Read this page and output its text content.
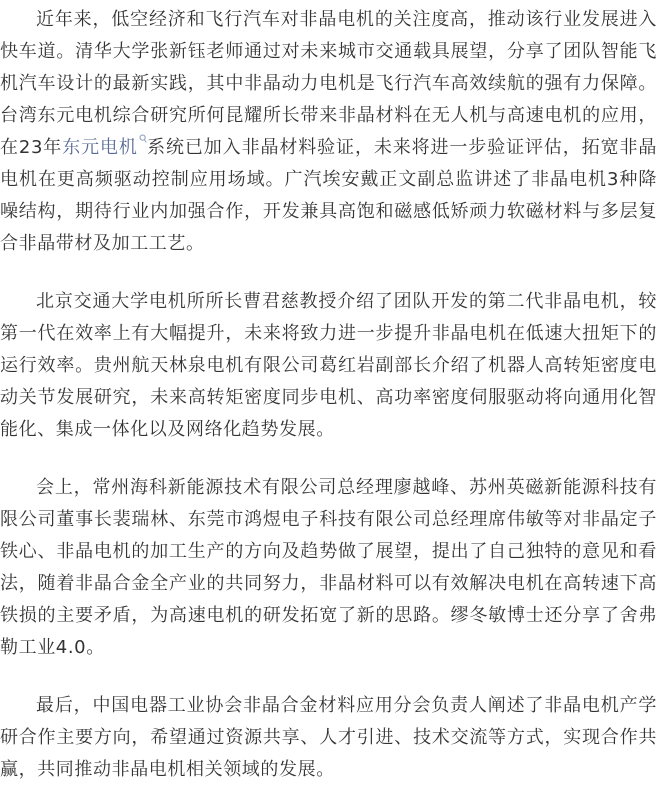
近年来，低空经济和飞行汽车对非晶电机的关注度高，推动该行业发展进入快车道。清华大学张新钰老师通过对未来城市交通载具展望，分享了团队智能飞机汽车设计的最新实践，其中非晶动力电机是飞行汽车高效续航的强有力保障。台湾东元电机综合研究所何昆耀所长带来非晶材料在无人机与高速电机的应用，在23年东元电机 系统已加入非晶材料验证，未来将进一步验证评估，拓宽非晶电机在更高频驱动控制应用场域。广汽埃安戴正文副总监讲述了非晶电机3种降噪结构，期待行业内加强合作，开发兼具高饱和磁感低矫顽力软磁材料与多层复合非晶带材及加工工艺。

北京交通大学电机所所长曹君慈教授介绍了团队开发的第二代非晶电机，较第一代在效率上有大幅提升，未来将致力进一步提升非晶电机在低速大扭矩下的运行效率。贵州航天林泉电机有限公司葛红岩副部长介绍了机器人高转矩密度电动关节发展研究，未来高转矩密度同步电机、高功率密度伺服驱动将向通用化智能化、集成一体化以及网络化趋势发展。

会上，常州海科新能源技术有限公司总经理廖越峰、苏州英磁新能源科技有限公司董事长裴瑞林、东莞市鸿煜电子科技有限公司总经理席伟敏等对非晶定子铁心、非晶电机的加工生产的方向及趋势做了展望，提出了自己独特的意见和看法，随着非晶合金全产业的共同努力，非晶材料可以有效解决电机在高转速下高铁损的主要矛盾，为高速电机的研发拓宽了新的思路。缪冬敏博士还分享了舍弗勒工业4.0。

最后，中国电器工业协会非晶合金材料应用分会负责人阐述了非晶电机产学研合作主要方向，希望通过资源共享、人才引进、技术交流等方式，实现合作共赢，共同推动非晶电机相关领域的发展。
